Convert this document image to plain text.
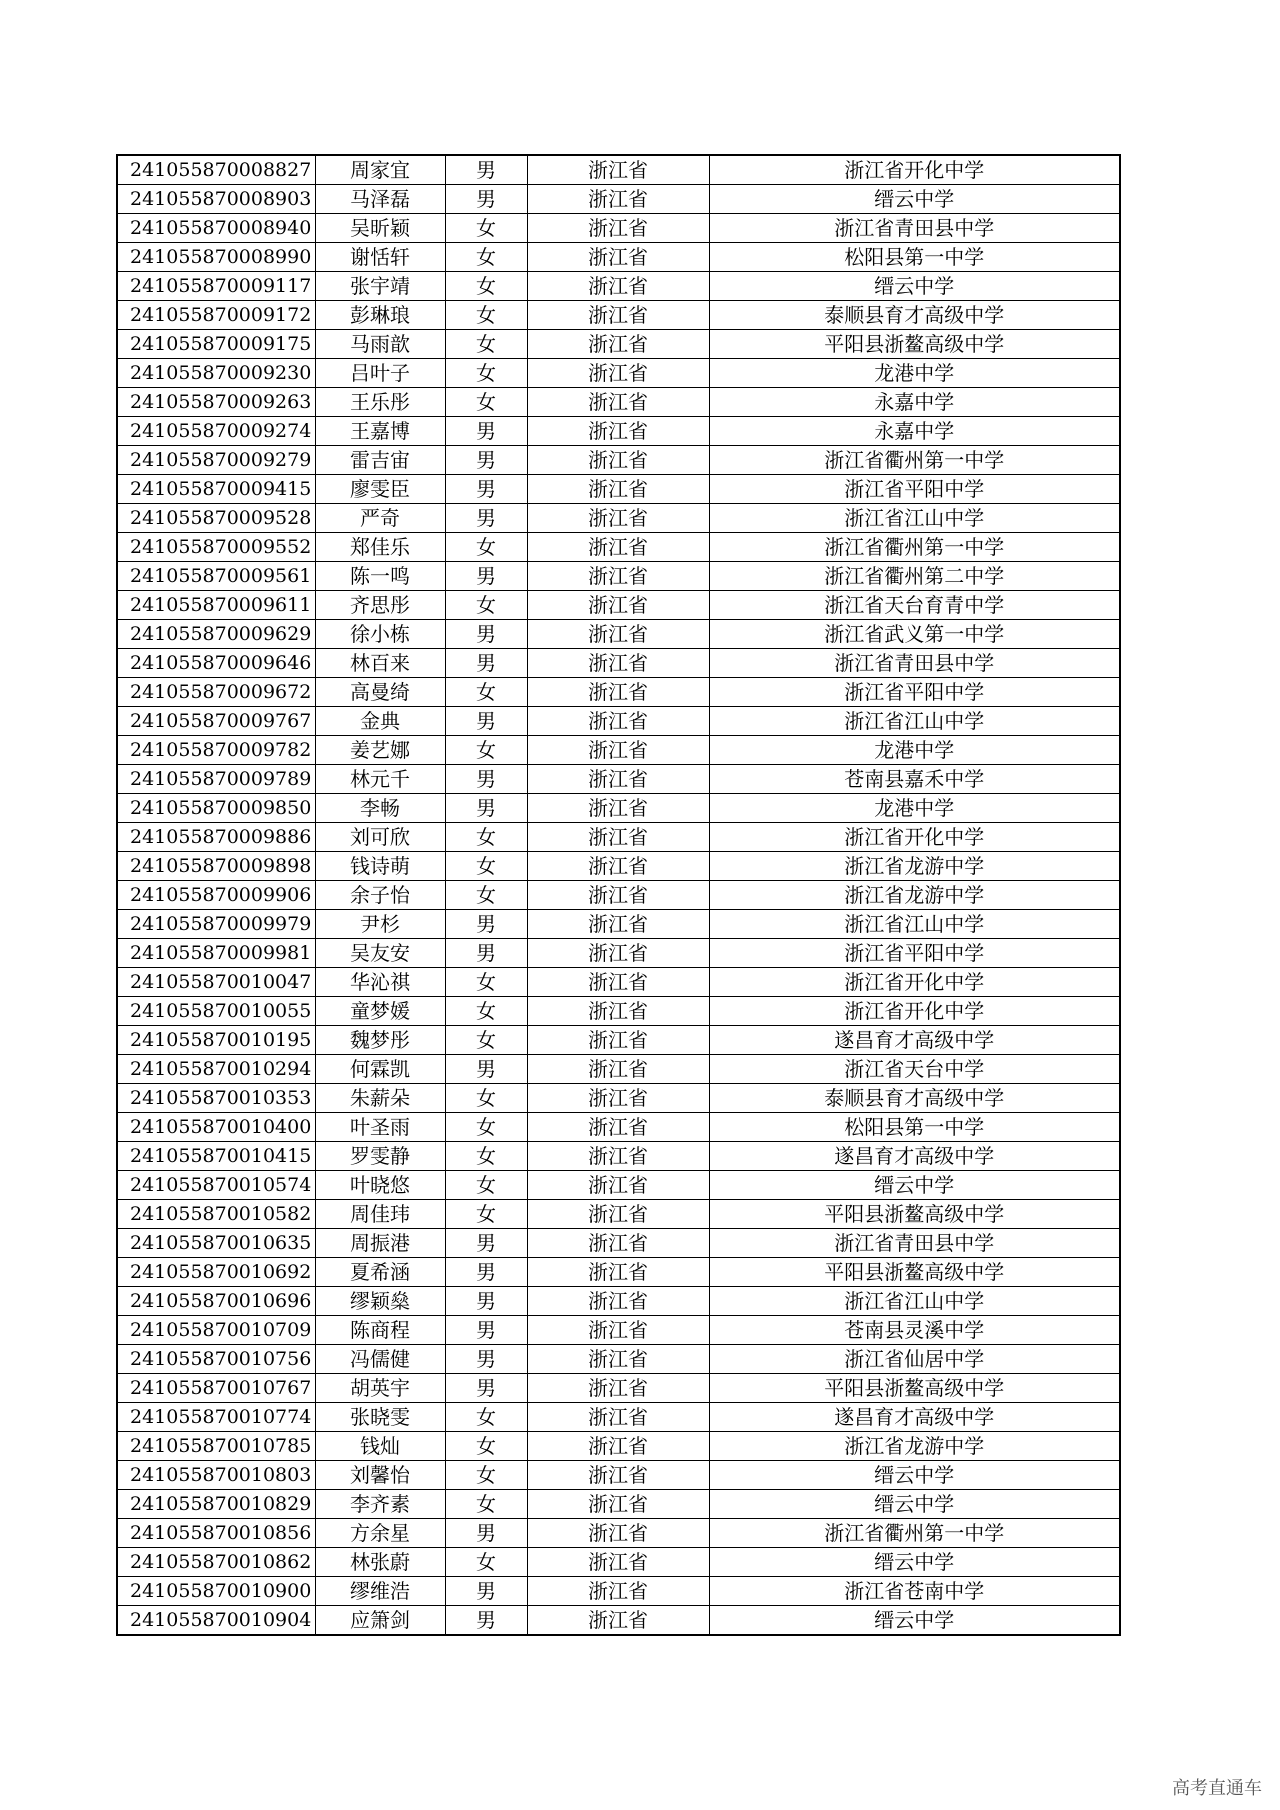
241055870008827	周家宜	男	浙江省	浙江省开化中学
241055870008903	马泽磊	男	浙江省	缙云中学
241055870008940	吴昕颖	女	浙江省	浙江省青田县中学
241055870008990	谢恬轩	女	浙江省	松阳县第一中学
241055870009117	张宇靖	女	浙江省	缙云中学
241055870009172	彭琳琅	女	浙江省	泰顺县育才高级中学
241055870009175	马雨歆	女	浙江省	平阳县浙鳌高级中学
241055870009230	吕叶子	女	浙江省	龙港中学
241055870009263	王乐彤	女	浙江省	永嘉中学
241055870009274	王嘉博	男	浙江省	永嘉中学
241055870009279	雷吉宙	男	浙江省	浙江省衢州第一中学
241055870009415	廖雯臣	男	浙江省	浙江省平阳中学
241055870009528	严奇	男	浙江省	浙江省江山中学
241055870009552	郑佳乐	女	浙江省	浙江省衢州第一中学
241055870009561	陈一鸣	男	浙江省	浙江省衢州第二中学
241055870009611	齐思彤	女	浙江省	浙江省天台育青中学
241055870009629	徐小栋	男	浙江省	浙江省武义第一中学
241055870009646	林百来	男	浙江省	浙江省青田县中学
241055870009672	高曼绮	女	浙江省	浙江省平阳中学
241055870009767	金典	男	浙江省	浙江省江山中学
241055870009782	姜艺娜	女	浙江省	龙港中学
241055870009789	林元千	男	浙江省	苍南县嘉禾中学
241055870009850	李畅	男	浙江省	龙港中学
241055870009886	刘可欣	女	浙江省	浙江省开化中学
241055870009898	钱诗萌	女	浙江省	浙江省龙游中学
241055870009906	余子怡	女	浙江省	浙江省龙游中学
241055870009979	尹杉	男	浙江省	浙江省江山中学
241055870009981	吴友安	男	浙江省	浙江省平阳中学
241055870010047	华沁祺	女	浙江省	浙江省开化中学
241055870010055	童梦媛	女	浙江省	浙江省开化中学
241055870010195	魏梦彤	女	浙江省	遂昌育才高级中学
241055870010294	何霖凯	男	浙江省	浙江省天台中学
241055870010353	朱薪朵	女	浙江省	泰顺县育才高级中学
241055870010400	叶圣雨	女	浙江省	松阳县第一中学
241055870010415	罗雯静	女	浙江省	遂昌育才高级中学
241055870010574	叶晓悠	女	浙江省	缙云中学
241055870010582	周佳玮	女	浙江省	平阳县浙鳌高级中学
241055870010635	周振港	男	浙江省	浙江省青田县中学
241055870010692	夏希涵	男	浙江省	平阳县浙鳌高级中学
241055870010696	缪颖燊	男	浙江省	浙江省江山中学
241055870010709	陈商程	男	浙江省	苍南县灵溪中学
241055870010756	冯儒健	男	浙江省	浙江省仙居中学
241055870010767	胡英宇	男	浙江省	平阳县浙鳌高级中学
241055870010774	张晓雯	女	浙江省	遂昌育才高级中学
241055870010785	钱灿	女	浙江省	浙江省龙游中学
241055870010803	刘馨怡	女	浙江省	缙云中学
241055870010829	李齐素	女	浙江省	缙云中学
241055870010856	方余星	男	浙江省	浙江省衢州第一中学
241055870010862	林张蔚	女	浙江省	缙云中学
241055870010900	缪维浩	男	浙江省	浙江省苍南中学
241055870010904	应箫剑	男	浙江省	缙云中学
高考直通车
